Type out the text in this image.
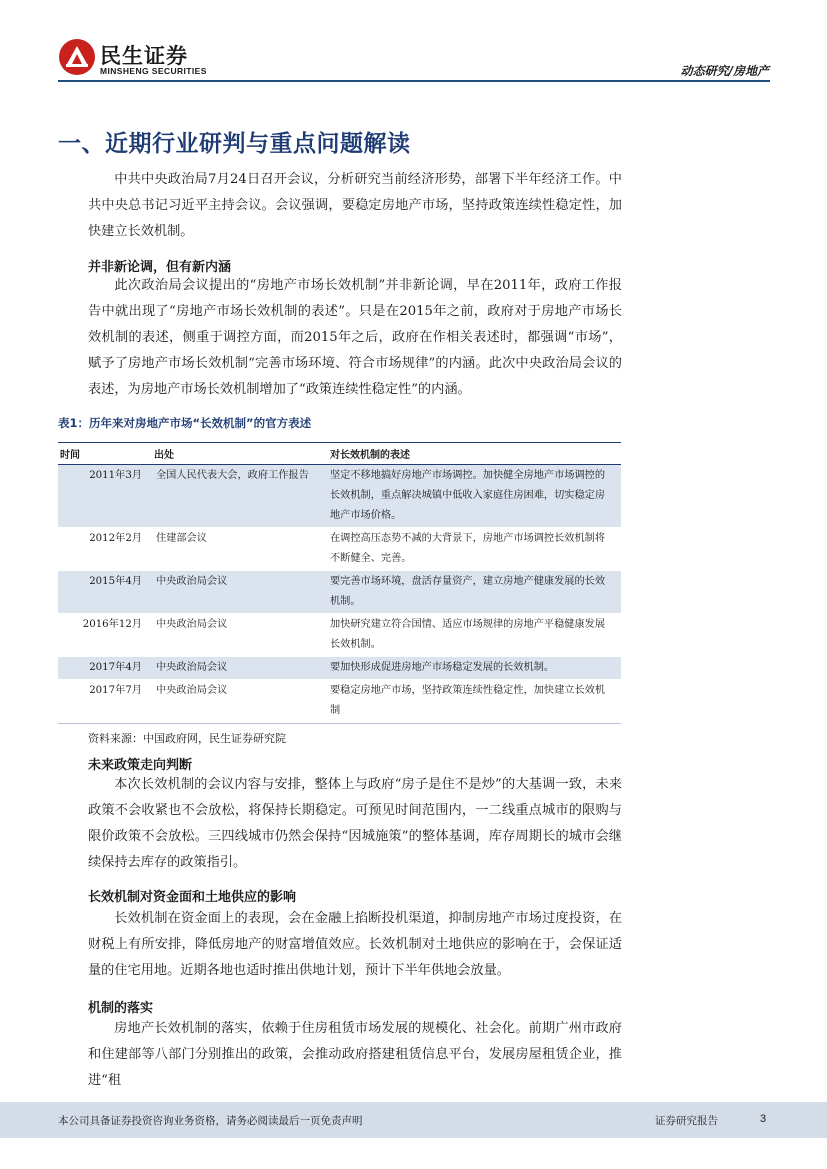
民生证券
MINSHENG SECURITIES	动态研究/房地产
一、近期行业研判与重点问题解读
中共中央政治局7月24日召开会议，分析研究当前经济形势，部署下半年经济工作。中共中央总书记习近平主持会议。会议强调，要稳定房地产市场，坚持政策连续性稳定性，加快建立长效机制。
并非新论调，但有新内涵
此次政治局会议提出的“房地产市场长效机制”并非新论调，早在2011年，政府工作报告中就出现了“房地产市场长效机制的表述”。只是在2015年之前，政府对于房地产市场长效机制的表述，侧重于调控方面，而2015年之后，政府在作相关表述时，都强调“市场”，赋予了房地产市场长效机制“完善市场环境、符合市场规律”的内涵。此次中央政治局会议的表述，为房地产市场长效机制增加了“政策连续性稳定性”的内涵。
表1：历年来对房地产市场“长效机制”的官方表述
时间	出处	对长效机制的表述
2011年3月	全国人民代表大会，政府工作报告	坚定不移地搞好房地产市场调控。加快健全房地产市场调控的长效机制，重点解决城镇中低收入家庭住房困难，切实稳定房地产市场价格。
2012年2月	住建部会议	在调控高压态势不减的大背景下，房地产市场调控长效机制将不断健全、完善。
2015年4月	中央政治局会议	要完善市场环境，盘活存量资产，建立房地产健康发展的长效机制。
2016年12月	中央政治局会议	加快研究建立符合国情、适应市场规律的房地产平稳健康发展长效机制。
2017年4月	中央政治局会议	要加快形成促进房地产市场稳定发展的长效机制。
2017年7月	中央政治局会议	要稳定房地产市场，坚持政策连续性稳定性，加快建立长效机制
资料来源：中国政府网，民生证券研究院
未来政策走向判断
本次长效机制的会议内容与安排，整体上与政府“房子是住不是炒”的大基调一致，未来政策不会收紧也不会放松，将保持长期稳定。可预见时间范围内，一二线重点城市的限购与限价政策不会放松。三四线城市仍然会保持“因城施策”的整体基调，库存周期长的城市会继续保持去库存的政策指引。
长效机制对资金面和土地供应的影响
长效机制在资金面上的表现，会在金融上掐断投机渠道，抑制房地产市场过度投资，在财税上有所安排，降低房地产的财富增值效应。长效机制对土地供应的影响在于，会保证适量的住宅用地。近期各地也适时推出供地计划，预计下半年供地会放量。
机制的落实
房地产长效机制的落实，依赖于住房租赁市场发展的规模化、社会化。前期广州市政府和住建部等八部门分别推出的政策，会推动政府搭建租赁信息平台，发展房屋租赁企业，推进“租
本公司具备证券投资咨询业务资格，请务必阅读最后一页免责声明	证券研究报告	3
